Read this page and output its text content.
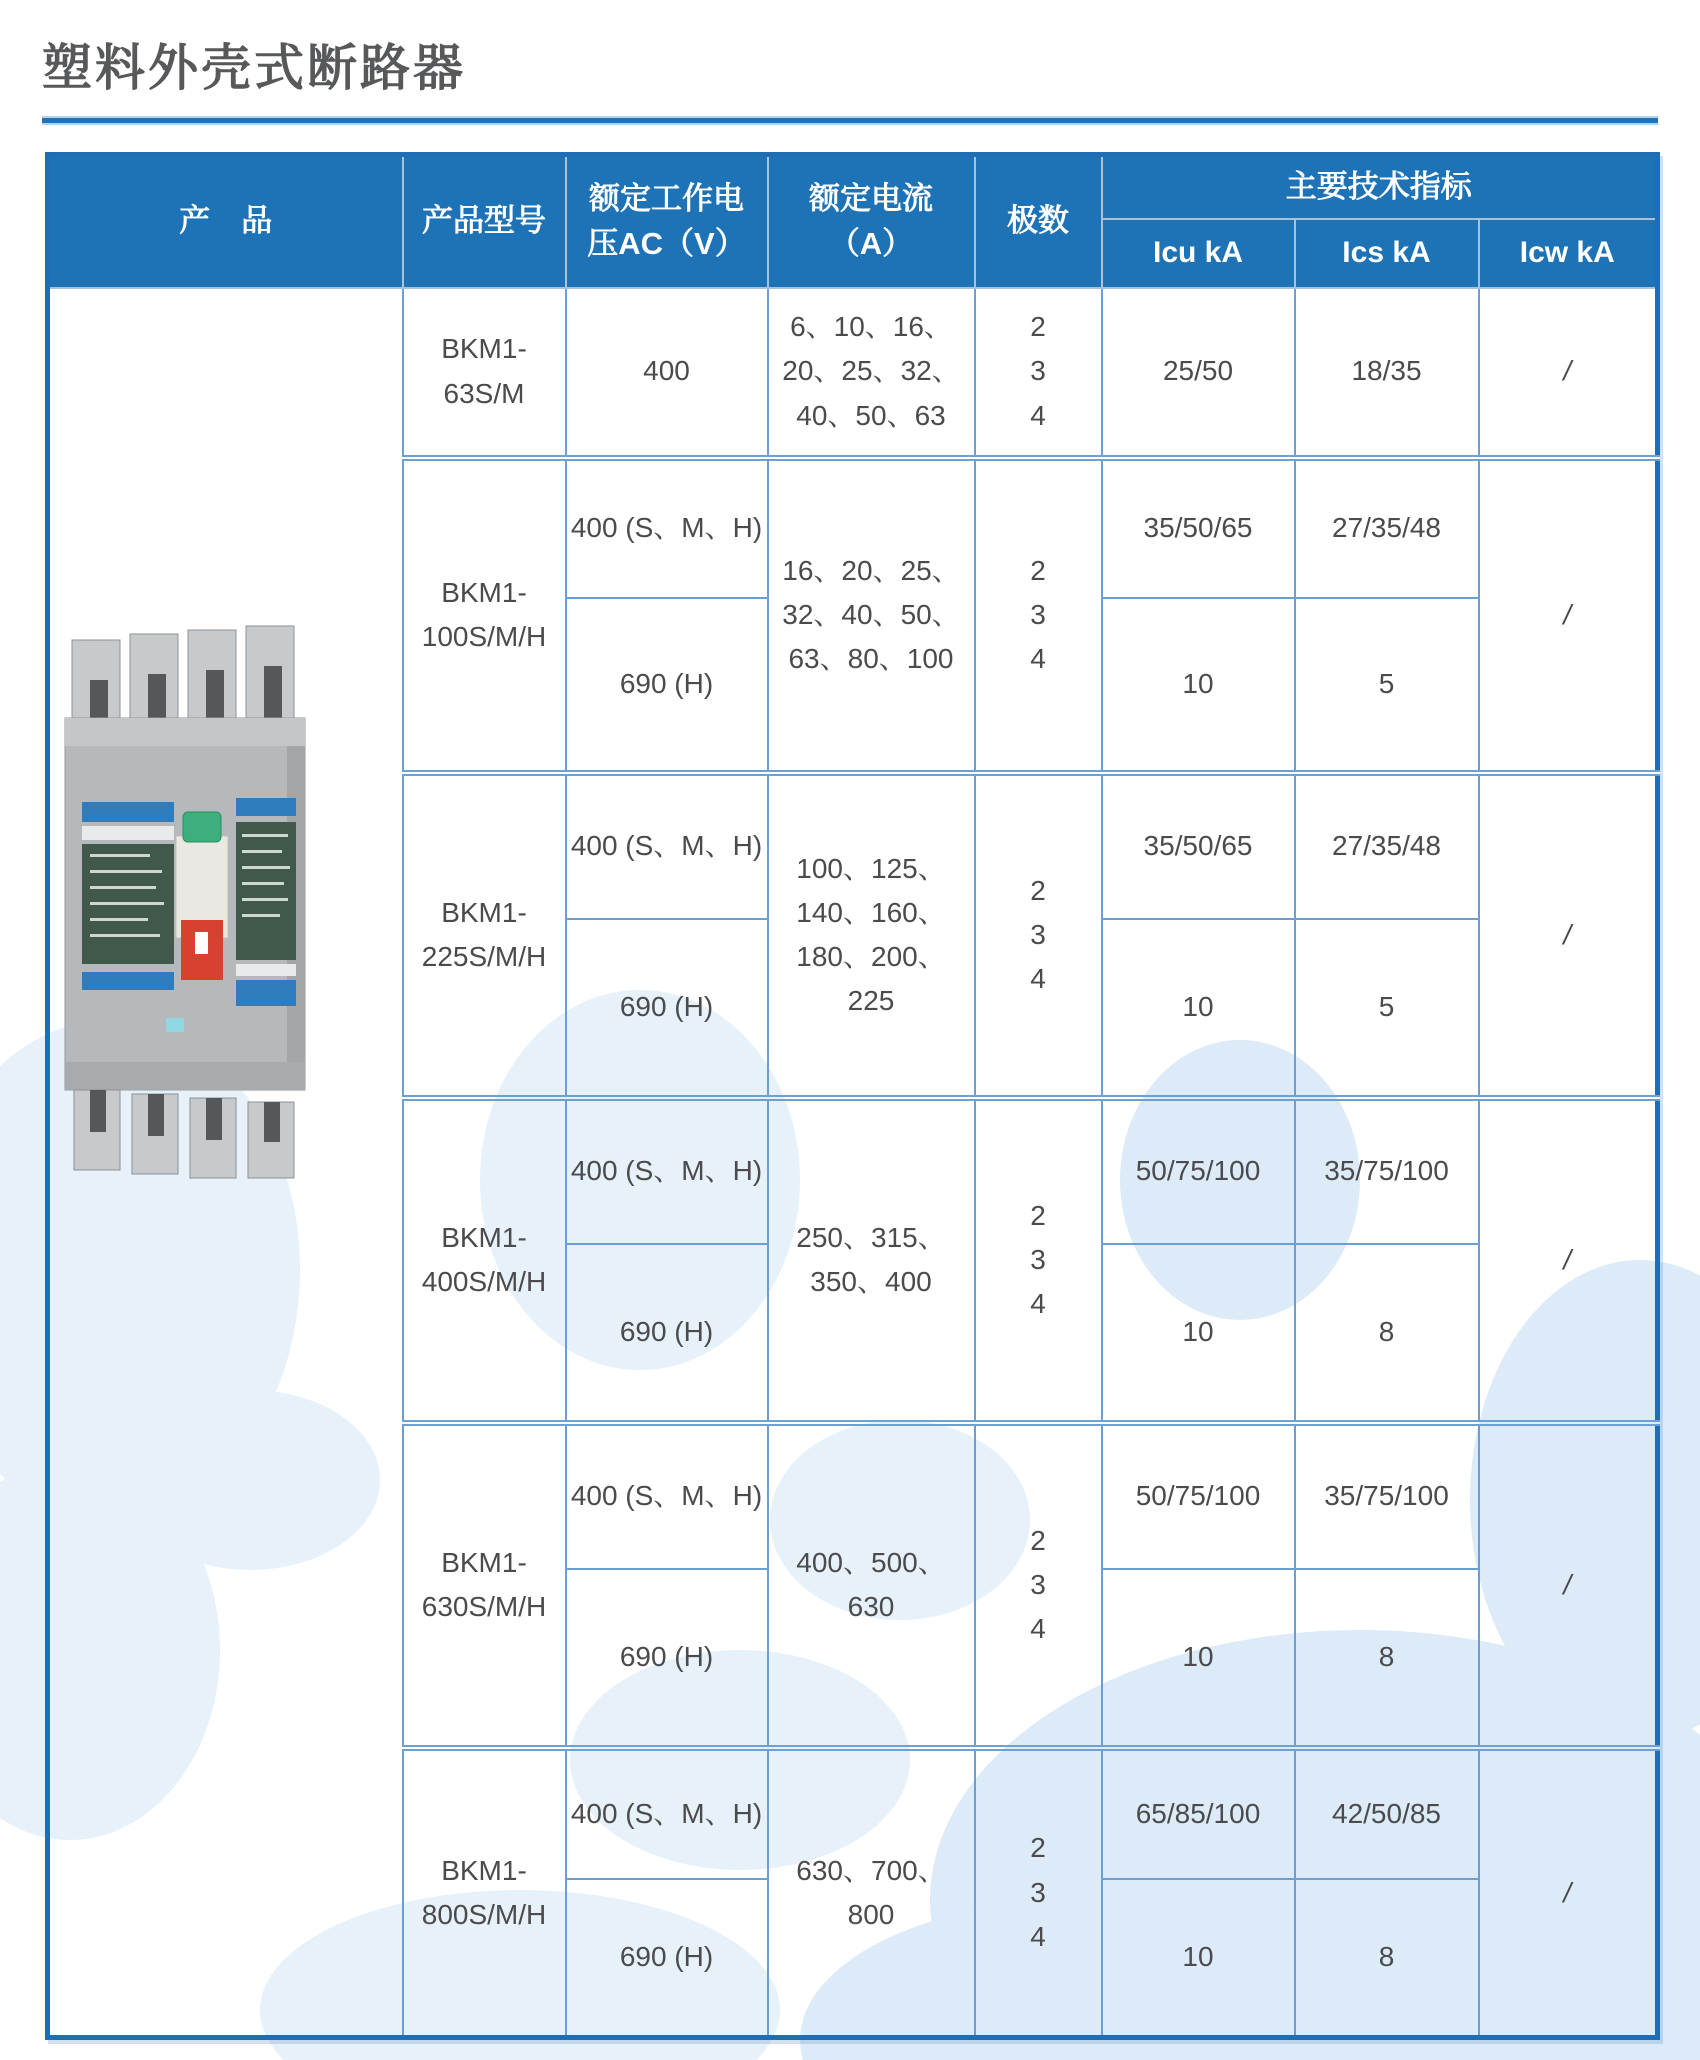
塑料外壳式断路器
产　品	产品型号	额定工作电
压AC（V）	额定电流
（A）	极数	主要技术指标		
					Icu kA	Ics kA	Icw kA

	BKM1-
63S/M	400	6、10、16、
20、25、32、
40、50、63	2
3
4	25/50	18/35	/
	BKM1-
100S/M/H	400 (S、M、H)	16、20、25、
32、40、50、
63、80、100	2
3
4	35/50/65	27/35/48	/
		690 (H)			10	5	
	BKM1-
225S/M/H	400 (S、M、H)	100、125、
140、160、
180、200、
225	2
3
4	35/50/65	27/35/48	/
		690 (H)			10	5	
	BKM1-
400S/M/H	400 (S、M、H)	250、315、
350、400	2
3
4	50/75/100	35/75/100	/
		690 (H)			10	8	
	BKM1-
630S/M/H	400 (S、M、H)	400、500、
630	2
3
4	50/75/100	35/75/100	/
		690 (H)			10	8	
	BKM1-
800S/M/H	400 (S、M、H)	630、700、
800	2
3
4	65/85/100	42/50/85	/
		690 (H)			10	8	
